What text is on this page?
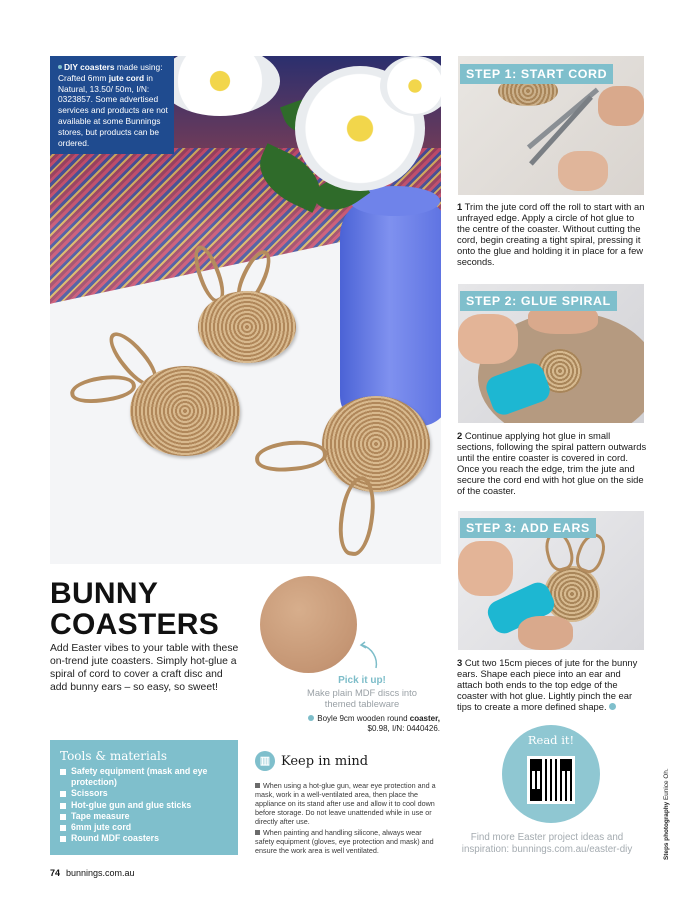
DIY coasters made using: Crafted 6mm jute cord in Natural, 13.50/ 50m, I/N: 0323857. Some advertised services and products are not available at some Bunnings stores, but products can be ordered.
BUNNY
COASTERS
Add Easter vibes to your table with these on-trend jute coasters. Simply hot-glue a spiral of cord to cover a craft disc and add bunny ears – so easy, so sweet!
Pick it up!
Make plain MDF discs into themed tableware
Boyle 9cm wooden round coaster,
$0.98, I/N: 0440426.
STEP 1: START CORD
1 Trim the jute cord off the roll to start with an unfrayed edge. Apply a circle of hot glue to the centre of the coaster. Without cutting the cord, begin creating a tight spiral, pressing it onto the glue and holding it in place for a few seconds.
STEP 2: GLUE SPIRAL
2 Continue applying hot glue in small sections, following the spiral pattern outwards until the entire coaster is covered in cord. Once you reach the edge, trim the jute and secure the cord end with hot glue on the side of the coaster.
STEP 3: ADD EARS
3 Cut two 15cm pieces of jute for the bunny ears. Shape each piece into an ear and attach both ends to the top edge of the coaster with hot glue. Lightly pinch the ear tips to create a more defined shape.
Tools & materials
Safety equipment (mask and eye protection)
Scissors
Hot-glue gun and glue sticks
Tape measure
6mm jute cord
Round MDF coasters
▥ Keep in mind
When using a hot-glue gun, wear eye protection and a mask, work in a well-ventilated area, then place the appliance on its stand after use and allow it to cool down before storage. Do not leave unattended while in use or directly after use.
When painting and handling silicone, always wear safety equipment (gloves, eye protection and mask) and ensure the work area is well ventilated.
Read it!
Find more Easter project ideas and inspiration: bunnings.com.au/easter-diy	Steps photography Eunice Oh.
74 bunnings.com.au
